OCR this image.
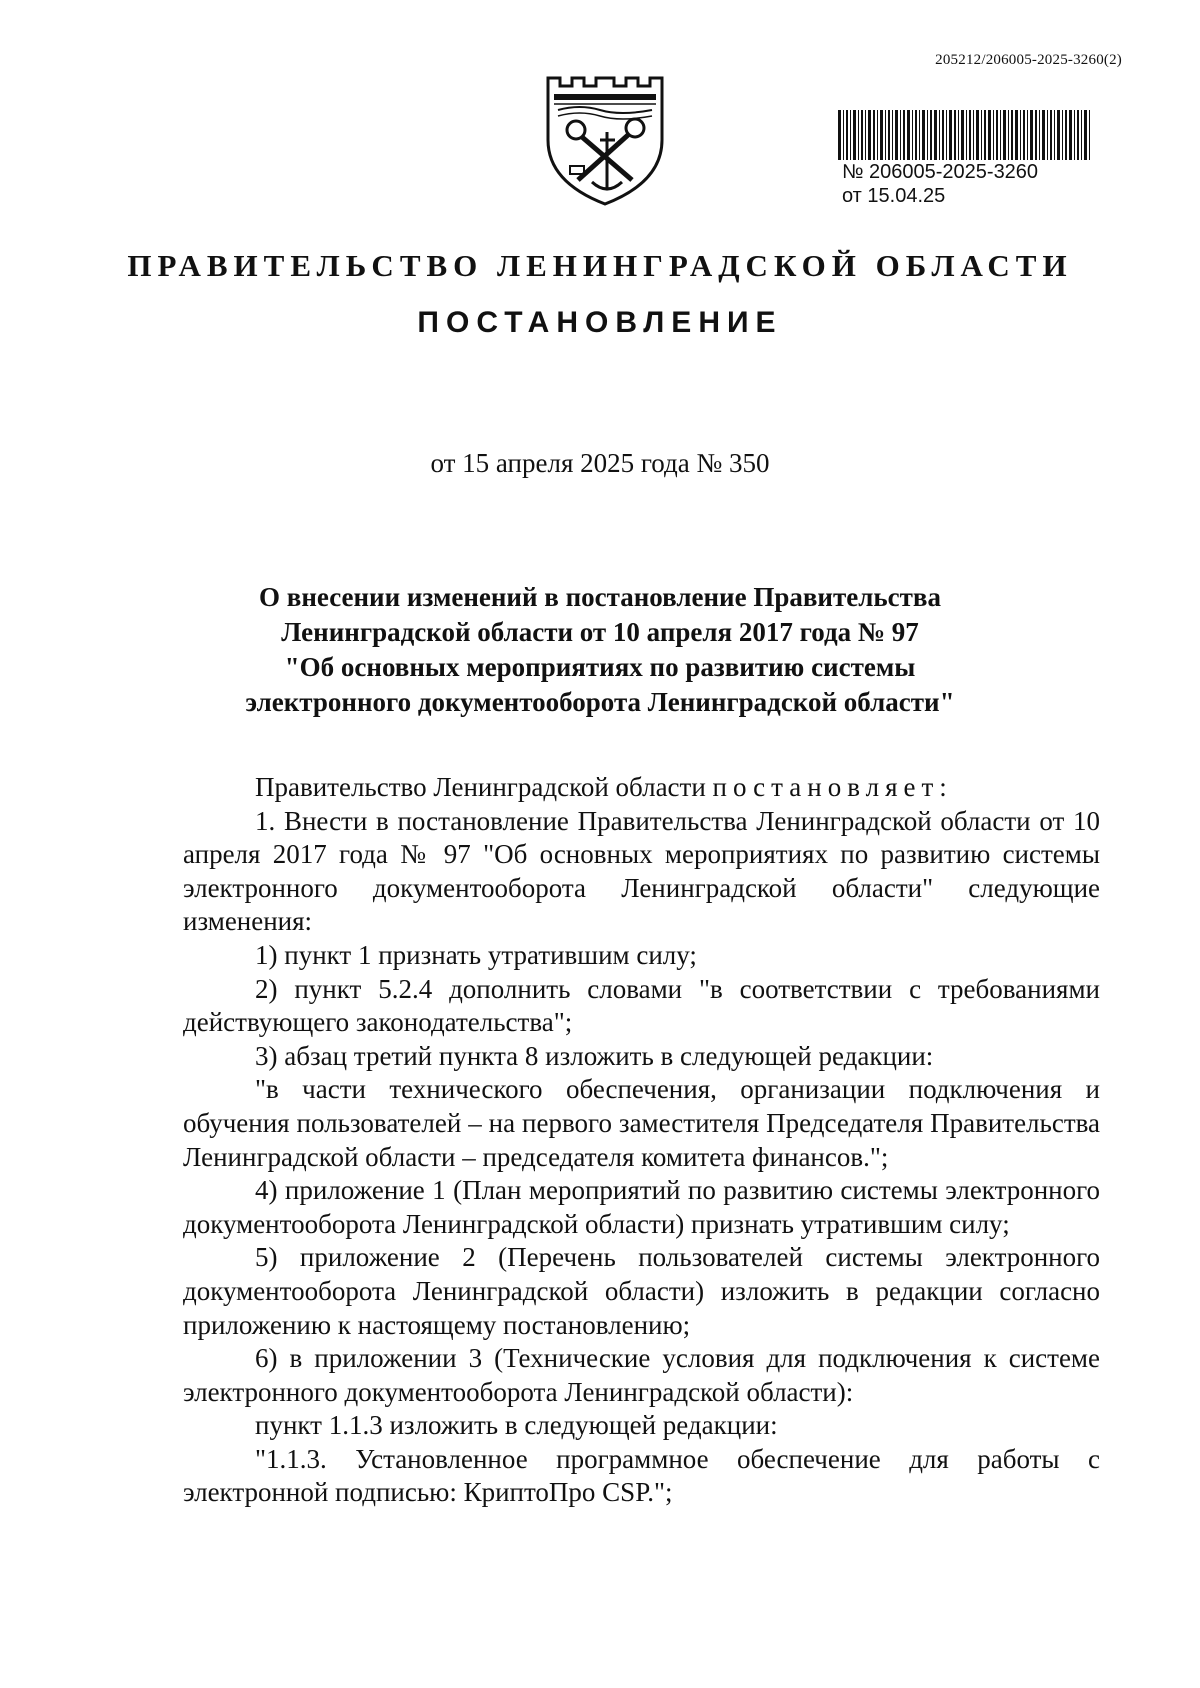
205212/206005-2025-3260(2)
№ 206005-2025-3260
от 15.04.25
ПРАВИТЕЛЬСТВО ЛЕНИНГРАДСКОЙ ОБЛАСТИ
ПОСТАНОВЛЕНИЕ
от 15 апреля 2025 года № 350
О внесении изменений в постановление Правительства
Ленинградской области от 10 апреля 2017 года № 97
"Об основных мероприятиях по развитию системы
электронного документооборота Ленинградской области"

Правительство Ленинградской области постановляет:

1. Внести в постановление Правительства Ленинградской области от 10 апреля 2017 года № 97 "Об основных мероприятиях по развитию системы электронного документооборота Ленинградской области" следующие изменения:

1) пункт 1 признать утратившим силу;

2) пункт 5.2.4 дополнить словами "в соответствии с требованиями действующего законодательства";

3) абзац третий пункта 8 изложить в следующей редакции:

"в части технического обеспечения, организации подключения и обучения пользователей – на первого заместителя Председателя Правительства Ленинградской области – председателя комитета финансов.";

4) приложение 1 (План мероприятий по развитию системы электронного документооборота Ленинградской области) признать утратившим силу;

5) приложение 2 (Перечень пользователей системы электронного документооборота Ленинградской области) изложить в редакции согласно приложению к настоящему постановлению;

6) в приложении 3 (Технические условия для подключения к системе электронного документооборота Ленинградской области):

пункт 1.1.3 изложить в следующей редакции:

"1.1.3. Установленное программное обеспечение для работы с электронной подписью: КриптоПро CSP.";
